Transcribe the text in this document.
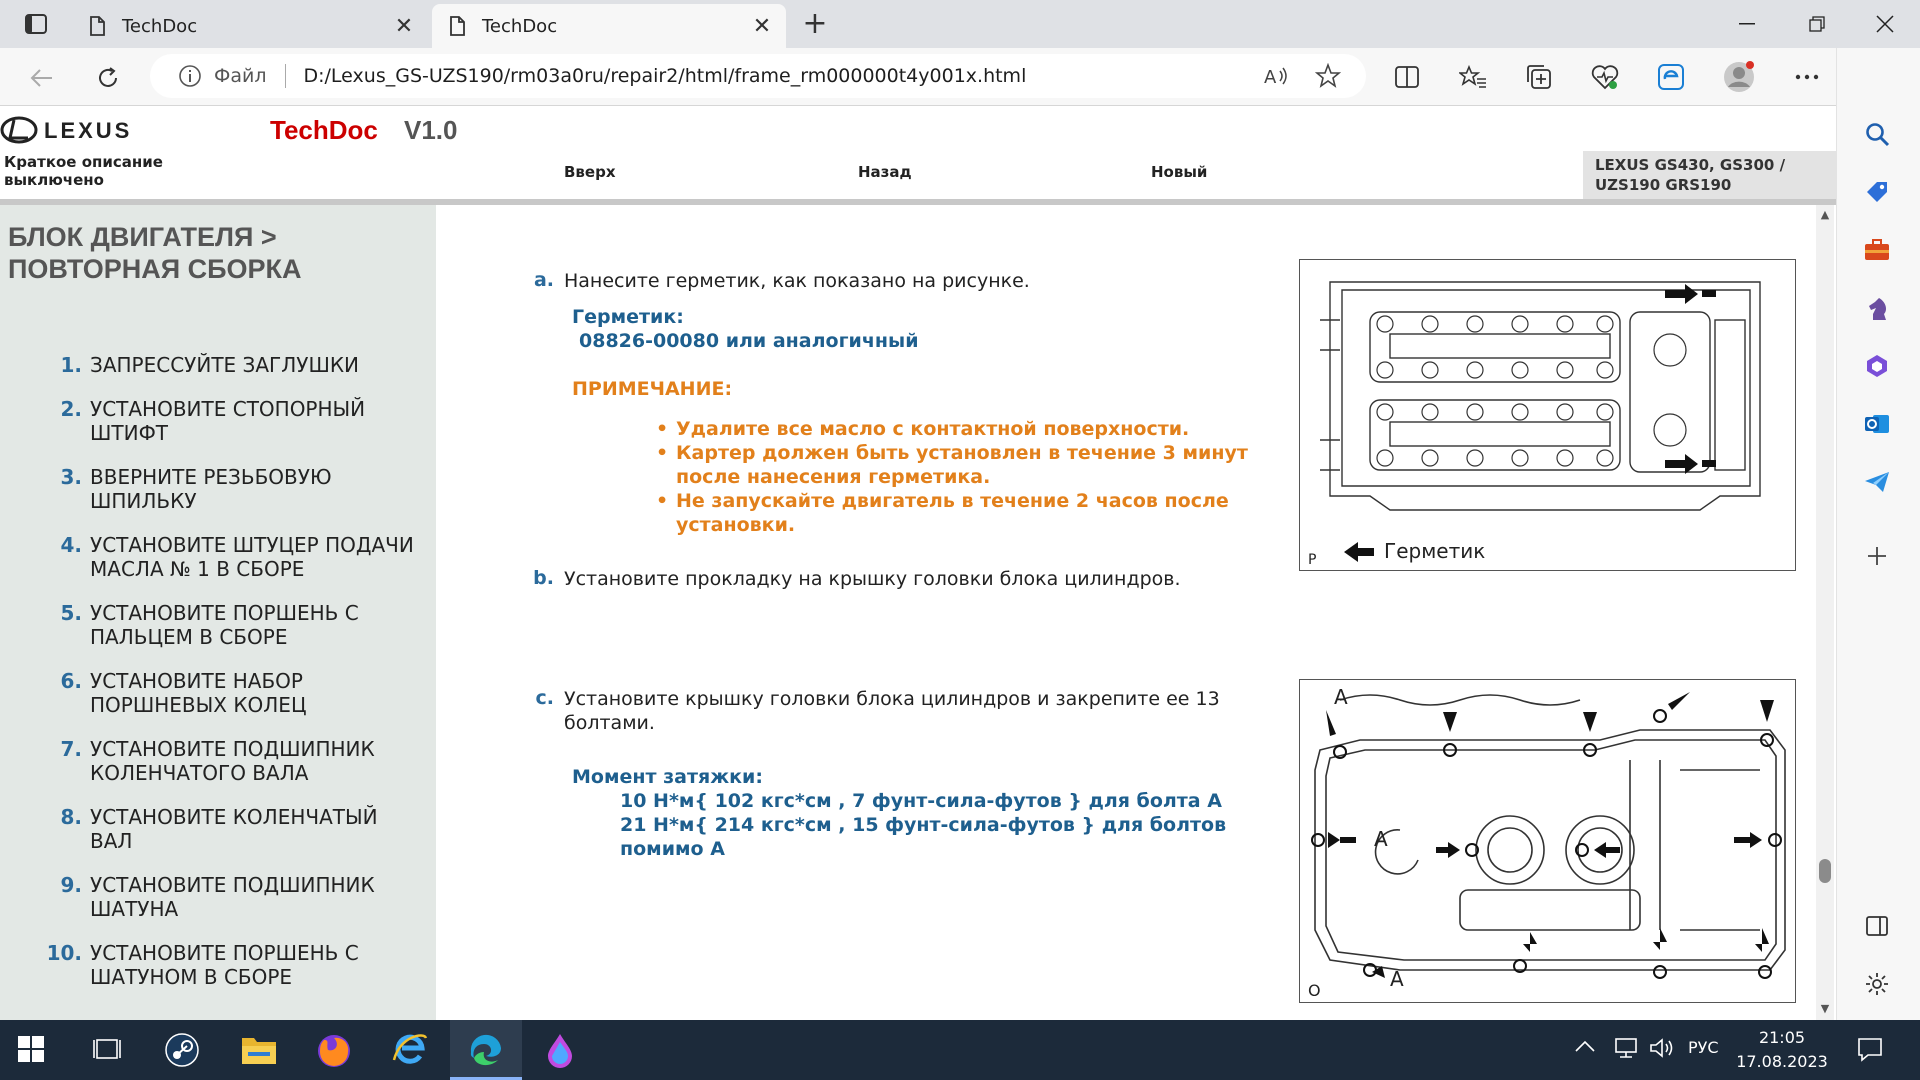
TechDoc	✕	TechDoc	✕ +
Файл D:/Lexus_GS-UZS190/rm03a0ru/repair2/html/frame_rm000000t4y001x.html	A
LEXUS	TechDoc V1.0
Краткое описание
выключено	Вверх	Назад	Новый	LEXUS GS430, GS300 /
UZS190 GRS190
БЛОК ДВИГАТЕЛЯ >
ПОВТОРНАЯ СБОРКА
1. ЗАПРЕССУЙТЕ ЗАГЛУШКИ
2. УСТАНОВИТЕ СТОПОРНЫЙ ШТИФТ
3. ВВЕРНИТЕ РЕЗЬБОВУЮ ШПИЛЬКУ
4. УСТАНОВИТЕ ШТУЦЕР ПОДАЧИ МАСЛА № 1 В СБОРЕ
5. УСТАНОВИТЕ ПОРШЕНЬ С ПАЛЬЦЕМ В СБОРЕ
6. УСТАНОВИТЕ НАБОР ПОРШНЕВЫХ КОЛЕЦ
7. УСТАНОВИТЕ ПОДШИПНИК КОЛЕНЧАТОГО ВАЛА
8. УСТАНОВИТЕ КОЛЕНЧАТЫЙ ВАЛ
9. УСТАНОВИТЕ ПОДШИПНИК ШАТУНА
10. УСТАНОВИТЕ ПОРШЕНЬ С ШАТУНОМ В СБОРЕ
a. Нанесите герметик, как показано на рисунке.
Герметик:
08826-00080 или аналогичный
ПРИМЕЧАНИЕ:
• Удалите все масло с контактной поверхности.
• Картер должен быть установлен в течение 3 минут после нанесения герметика.
• Не запускайте двигатель в течение 2 часов после установки.
b. Установите прокладку на крышку головки блока цилиндров.
c. Установите крышку головки блока цилиндров и закрепите ее 13
болтами.
Момент затяжки:
10 Н*м{ 102 кгс*см , 7 фунт-сила-футов } для болта A
21 Н*м{ 214 кгс*см , 15 фунт-сила-футов } для болтов
помимо A
P	Герметик
A
A
A
O
▲
▼
РУС
21:05
17.08.2023
